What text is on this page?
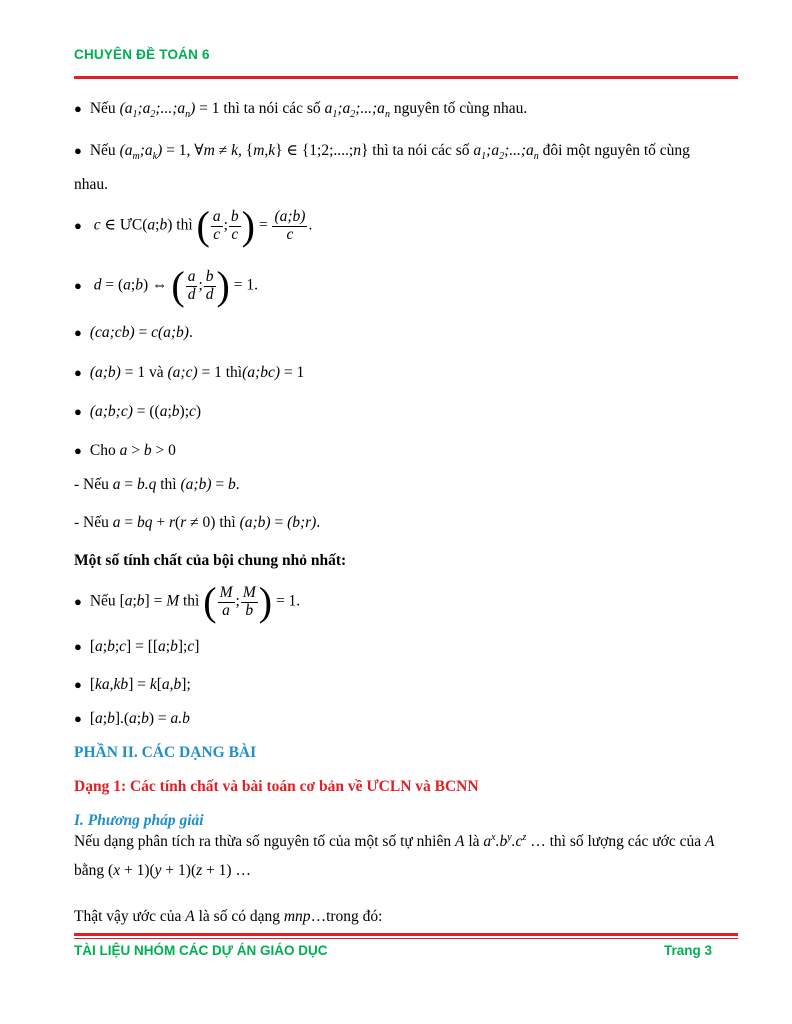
CHUYÊN ĐỀ TOÁN 6
● Nếu $(a_1;a_2;...;a_n) = 1$ thì ta nói các số $a_1;a_2;...;a_n$ nguyên tố cùng nhau.
● Nếu $(a_m;a_k) = 1$, ∀m ≠ k, {m,k} ∈ {1;2;....;n} thì ta nói các số $a_1;a_2;...;a_n$ đôi một nguyên tố cùng
nhau.
● c ∈ ƯC(a;b) thì ( $\frac{a}{c}$ ; $\frac{b}{c}$ ) = $\frac{(a;b)}{c}$ .
● d = (a;b) ⇔ ( $\frac{a}{d}$ ; $\frac{b}{d}$ ) = 1.
● (ca;cb) = c(a;b).
● (a;b) = 1 và (a;c) = 1 thì(a;bc) = 1
● (a;b;c) = ((a;b);c)
● Cho a > b > 0
- Nếu a = b.q thì (a;b) = b.
- Nếu a = bq + r(r ≠ 0) thì (a;b) = (b;r).
Một số tính chất của bội chung nhỏ nhất:
● Nếu [a;b] = M thì ( $\frac{M}{a}$ ; $\frac{M}{b}$ ) = 1.
● [a;b;c] = [[a;b];c]
● [ka,kb] = k[a,b];
● [a;b].(a;b) = a.b
PHẦN II. CÁC DẠNG BÀI
Dạng 1: Các tính chất và bài toán cơ bản về ƯCLN và BCNN
I. Phương pháp giải
Nếu dạng phân tích ra thừa số nguyên tố của một số tự nhiên A là $a^x.b^y.c^z$ … thì số lượng các ước của A
bằng (x + 1)(y + 1)(z + 1) …
Thật vậy ước của A là số có dạng mnp…trong đó:
TÀI LIỆU NHÓM CÁC DỰ ÁN GIÁO DỤC	Trang 3
